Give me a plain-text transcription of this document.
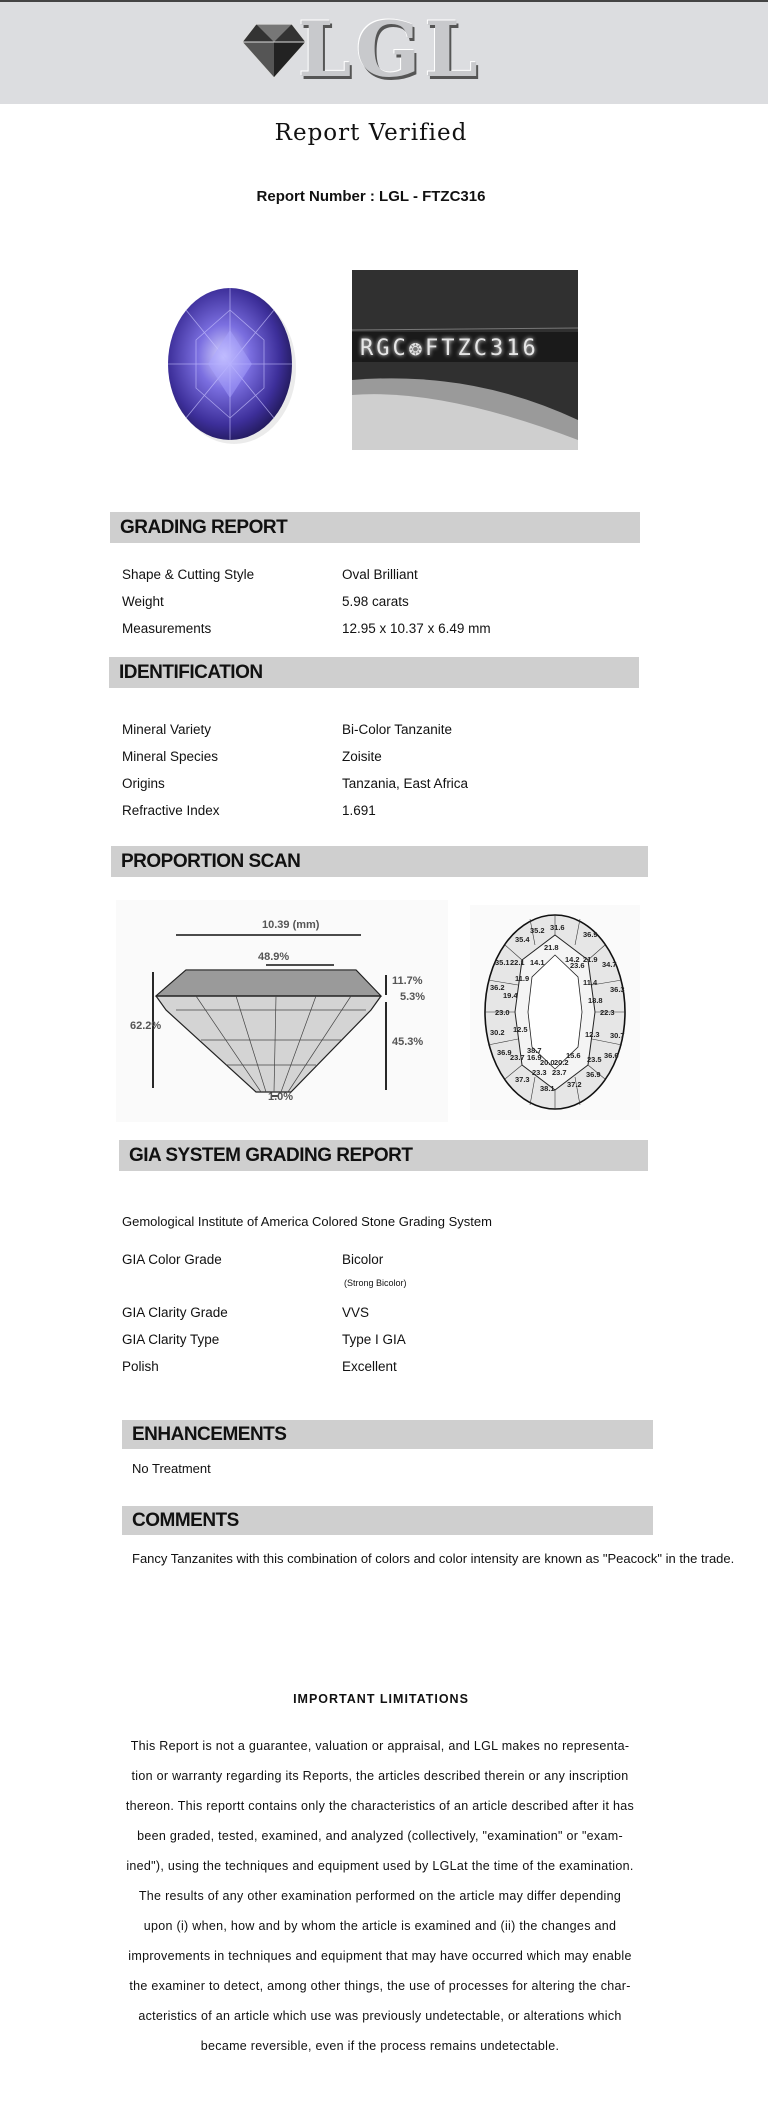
LGL
Report Verified
Report Number : LGL - FTZC316
RGC❂FTZC316
GRADING REPORT
Shape & Cutting Style	Oval Brilliant
Weight	5.98 carats
Measurements	12.95 x 10.37 x 6.49 mm
IDENTIFICATION
Mineral Variety	Bi-Color Tanzanite
Mineral Species	Zoisite
Origins	Tanzania, East Africa
Refractive Index	1.691
PROPORTION SCAN
10.39 (mm)
48.9%
62.2%
11.7%
5.3%
45.3%
1.0%
31.6
35.2
35.4
36.9
21.8
35.1 22.1 14.1	14.2 21.9
34.7
11.9
23.6
11.4
36.3
36.2
19.4
23.0
18.8
22.3
12.5
12.3
30.2	30.7
36.9 38.7
23.7 16.9	15.6 23.5 36.6
37.3
23.3 23.7	36.9
37.2
38.1
20.0 20.2
GIA SYSTEM GRADING REPORT
Gemological Institute of America Colored Stone Grading System
GIA Color Grade	Bicolor
(Strong Bicolor)
GIA Clarity Grade	VVS
GIA Clarity Type	Type I GIA
Polish	Excellent
ENHANCEMENTS
No Treatment
COMMENTS
Fancy Tanzanites with this combination of colors and color intensity are known as "Peacock" in the trade.
IMPORTANT LIMITATIONS
This Report is not a guarantee, valuation or appraisal, and LGL makes no representa-
tion or warranty regarding its Reports, the articles described therein or any inscription
thereon. This reportt contains only the characteristics of an article described after it has
been graded, tested, examined, and analyzed (collectively, "examination" or "exam-
ined"), using the techniques and equipment used by LGLat the time of the examination.
The results of any other examination performed on the article may differ depending
upon (i) when, how and by whom the article is examined and (ii) the changes and
improvements in techniques and equipment that may have occurred which may enable
the examiner to detect, among other things, the use of processes for altering the char-
acteristics of an article which use was previously undetectable, or alterations which
became reversible, even if the process remains undetectable.
